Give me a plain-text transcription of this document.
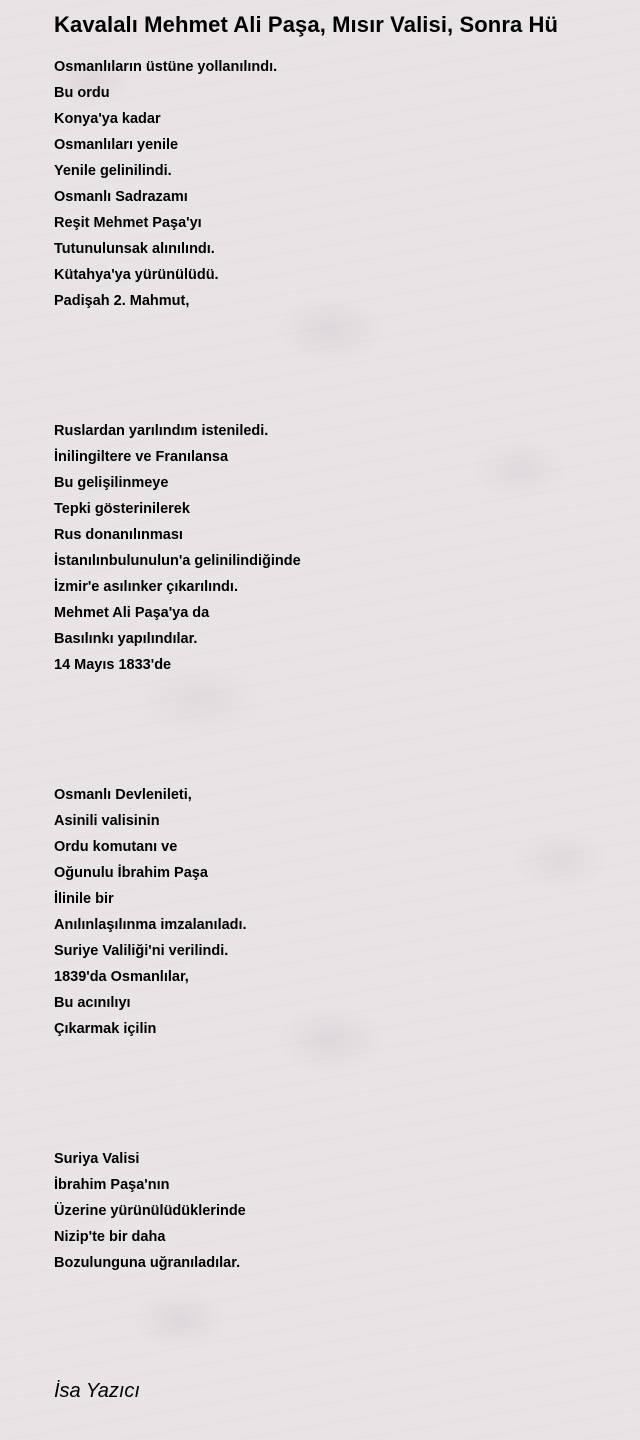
Kavalalı Mehmet Ali Paşa, Mısır Valisi, Sonra Hü
Osmanlıların üstüne yollanılındı.
Bu ordu
Konya'ya kadar
Osmanlıları yenile
Yenile gelinilindi.
Osmanlı Sadrazamı
Reşit Mehmet Paşa'yı
Tutunulunsak alınılındı.
Kütahya'ya yürünülüdü.
Padişah 2. Mahmut,
Ruslardan yarılındım isteniledi.
İnilingiltere ve Franılansa
Bu gelişilinmeye
Tepki gösterinilerek
Rus donanılınması
İstanılınbulunulun'a gelinilindiğinde
İzmir'e asılınker çıkarılındı.
Mehmet Ali Paşa'ya da
Basılınkı yapılındılar.
14 Mayıs 1833'de
Osmanlı Devlenileti,
Asinili valisinin
Ordu komutanı ve
Oğunulu İbrahim Paşa
İlinile bir
Anılınlaşılınma imzalanıladı.
Suriye Valiliği'ni verilindi.
1839'da Osmanlılar,
Bu acınılıyı
Çıkarmak içilin
Suriya Valisi
İbrahim Paşa'nın
Üzerine yürünülüdüklerinde
Nizip'te bir daha
Bozulunguna uğranıladılar.

İsa Yazıcı
